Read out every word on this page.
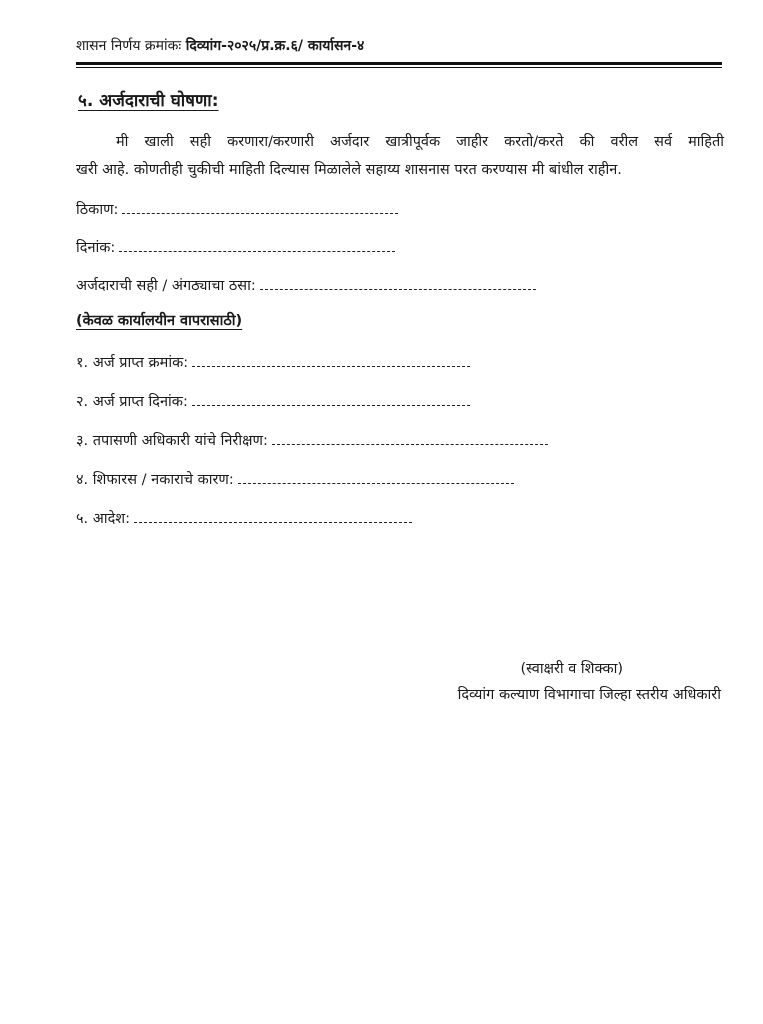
शासन निर्णय क्रमांकः दिव्यांग-२०२५/प्र.क्र.६/ कार्यासन-४
५. अर्जदाराची घोषणा:
मी खाली सही करणारा/करणारी अर्जदार खात्रीपूर्वक जाहीर करतो/करते की वरील सर्व माहिती
खरी आहे. कोणतीही चुकीची माहिती दिल्यास मिळालेले सहाय्य शासनास परत करण्यास मी बांधील राहीन.
ठिकाण:
दिनांक:
अर्जदाराची सही / अंगठ्याचा ठसा:
(केवळ कार्यालयीन वापरासाठी)
१. अर्ज प्राप्त क्रमांक:
२. अर्ज प्राप्त दिनांक:
३. तपासणी अधिकारी यांचे निरीक्षण:
४. शिफारस / नकाराचे कारण:
५. आदेश:
(स्वाक्षरी व शिक्का)
दिव्यांग कल्याण विभागाचा जिल्हा स्तरीय अधिकारी
